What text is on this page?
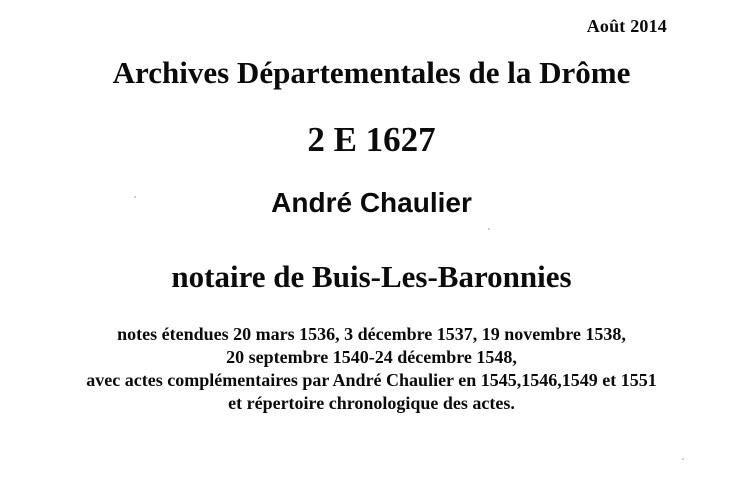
Août 2014
Archives Départementales de la Drôme
2 E 1627
André Chaulier
notaire de Buis-Les-Baronnies
notes étendues 20 mars 1536, 3 décembre 1537, 19 novembre 1538,
20 septembre 1540-24 décembre 1548,
avec actes complémentaires par André Chaulier en 1545,1546,1549 et 1551
et répertoire chronologique des actes.
